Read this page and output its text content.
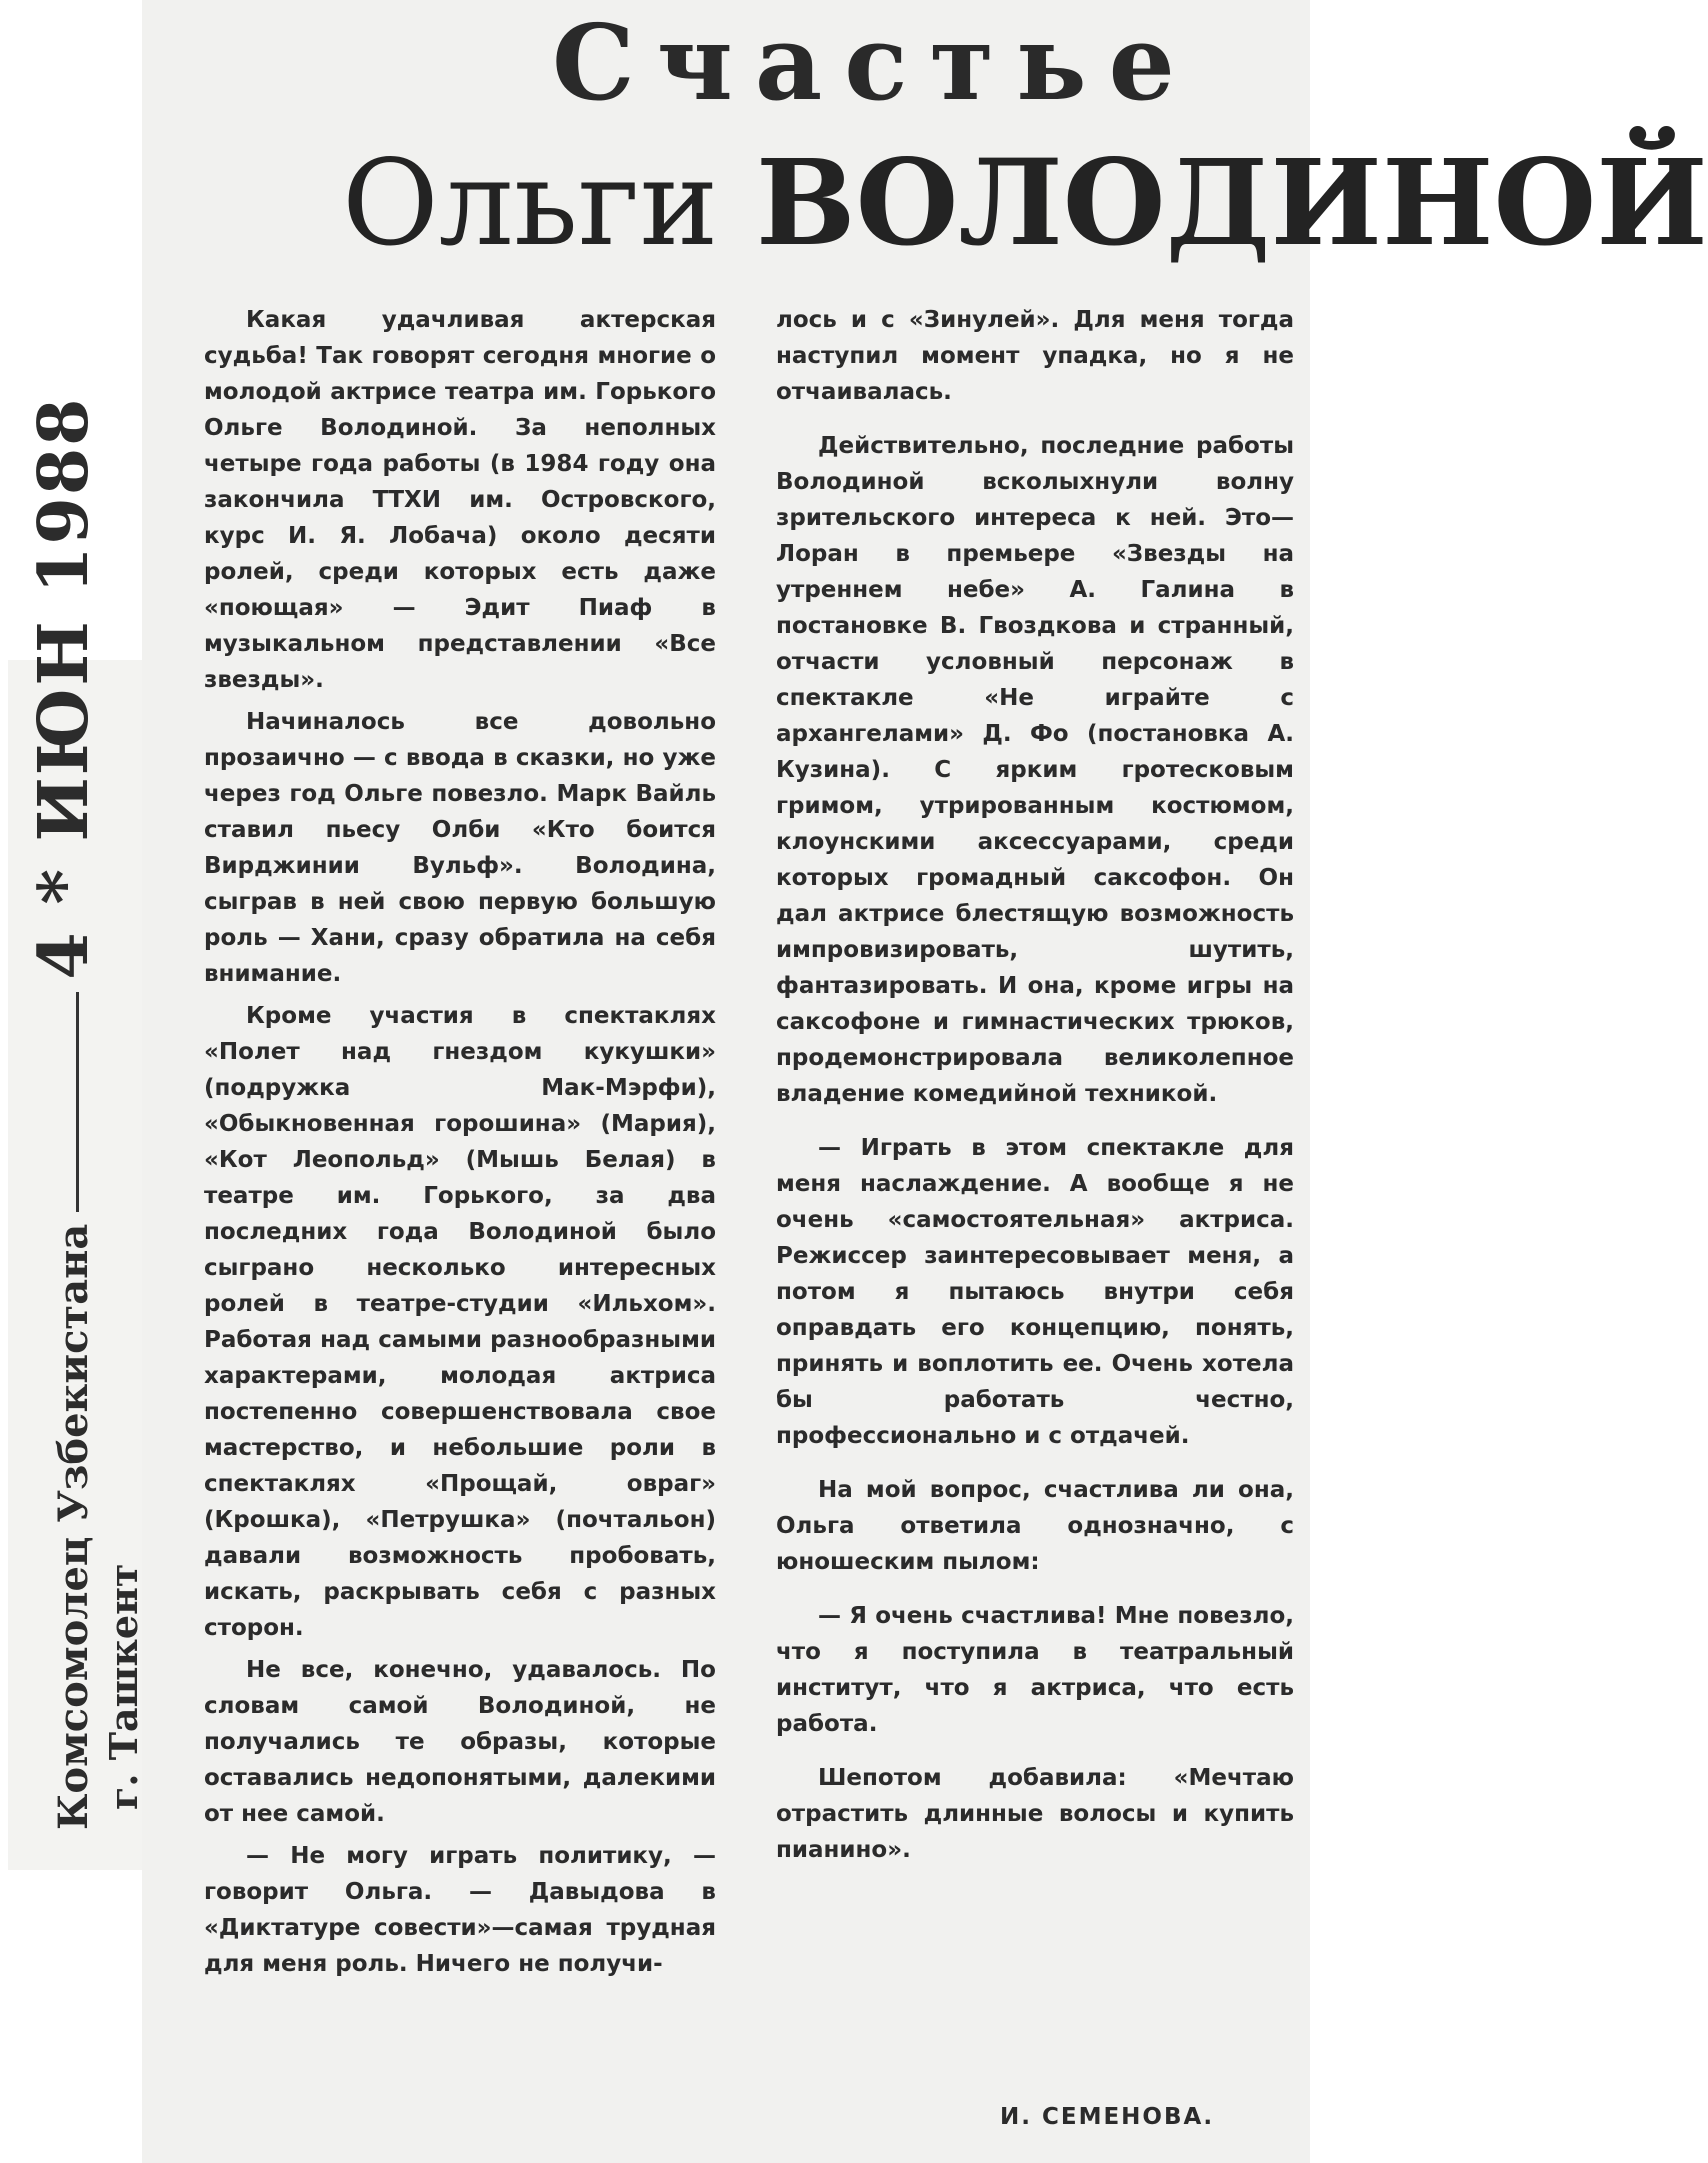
Счастье
Ольги ВОЛОДИНОЙ

Какая удачливая актерская судьба! Так говорят сегодня многие о молодой актрисе театра им. Горького Ольге Володиной. За неполных четыре года работы (в 1984 году она закончила ТТХИ им. Островского, курс И. Я. Лобача) около десяти ролей, среди которых есть даже «поющая» — Эдит Пиаф в музыкальном представлении «Все звезды».

Начиналось все довольно прозаично — с ввода в сказки, но уже через год Ольге повезло. Марк Вайль ставил пьесу Олби «Кто боится Вирджинии Вульф». Володина, сыграв в ней свою первую большую роль — Хани, сразу обратила на себя внимание.

Кроме участия в спектаклях «Полет над гнездом кукушки» (подружка Мак-Мэрфи), «Обыкновенная горошина» (Мария), «Кот Леопольд» (Мышь Белая) в театре им. Горького, за два последних года Володиной было сыграно несколько интересных ролей в театре-студии «Ильхом». Работая над самыми разнообразными характерами, молодая актриса постепенно совершенствовала свое мастерство, и небольшие роли в спектаклях «Прощай, овраг» (Крошка), «Петрушка» (почтальон) давали возможность пробовать, искать, раскрывать себя с разных сторон.

Не все, конечно, удавалось. По словам самой Володиной, не получались те образы, которые оставались недопонятыми, далекими от нее самой.

— Не могу играть политику, — говорит Ольга. — Давыдова в «Диктатуре совести»—самая трудная для меня роль. Ничего не получи-

лось и с «Зинулей». Для меня тогда наступил момент упадка, но я не отчаивалась.

Действительно, последние работы Володиной всколыхнули волну зрительского интереса к ней. Это—Лоран в премьере «Звезды на утреннем небе» А. Галина в постановке В. Гвоздкова и странный, отчасти условный персонаж в спектакле «Не играйте с архангелами» Д. Фо (постановка А. Кузина). С ярким гротесковым гримом, утрированным костюмом, клоунскими аксессуарами, среди которых громадный саксофон. Он дал актрисе блестящую возможность импровизировать, шутить, фантазировать. И она, кроме игры на саксофоне и гимнастических трюков, продемонстрировала великолепное владение комедийной техникой.

— Играть в этом спектакле для меня наслаждение. А вообще я не очень «самостоятельная» актриса. Режиссер заинтересовывает меня, а потом я пытаюсь внутри себя оправдать его концепцию, понять, принять и воплотить ее. Очень хотела бы работать честно, профессионально и с отдачей.

На мой вопрос, счастлива ли она, Ольга ответила однозначно, с юношеским пылом:

— Я очень счастлива! Мне повезло, что я поступила в театральный институт, что я актриса, что есть работа.

Шепотом добавила: «Мечтаю отрастить длинные волосы и купить пианино».

И. СЕМЕНОВА.
Комсомолец Узбекистана4 * ИЮН 1988
г. Ташкент
